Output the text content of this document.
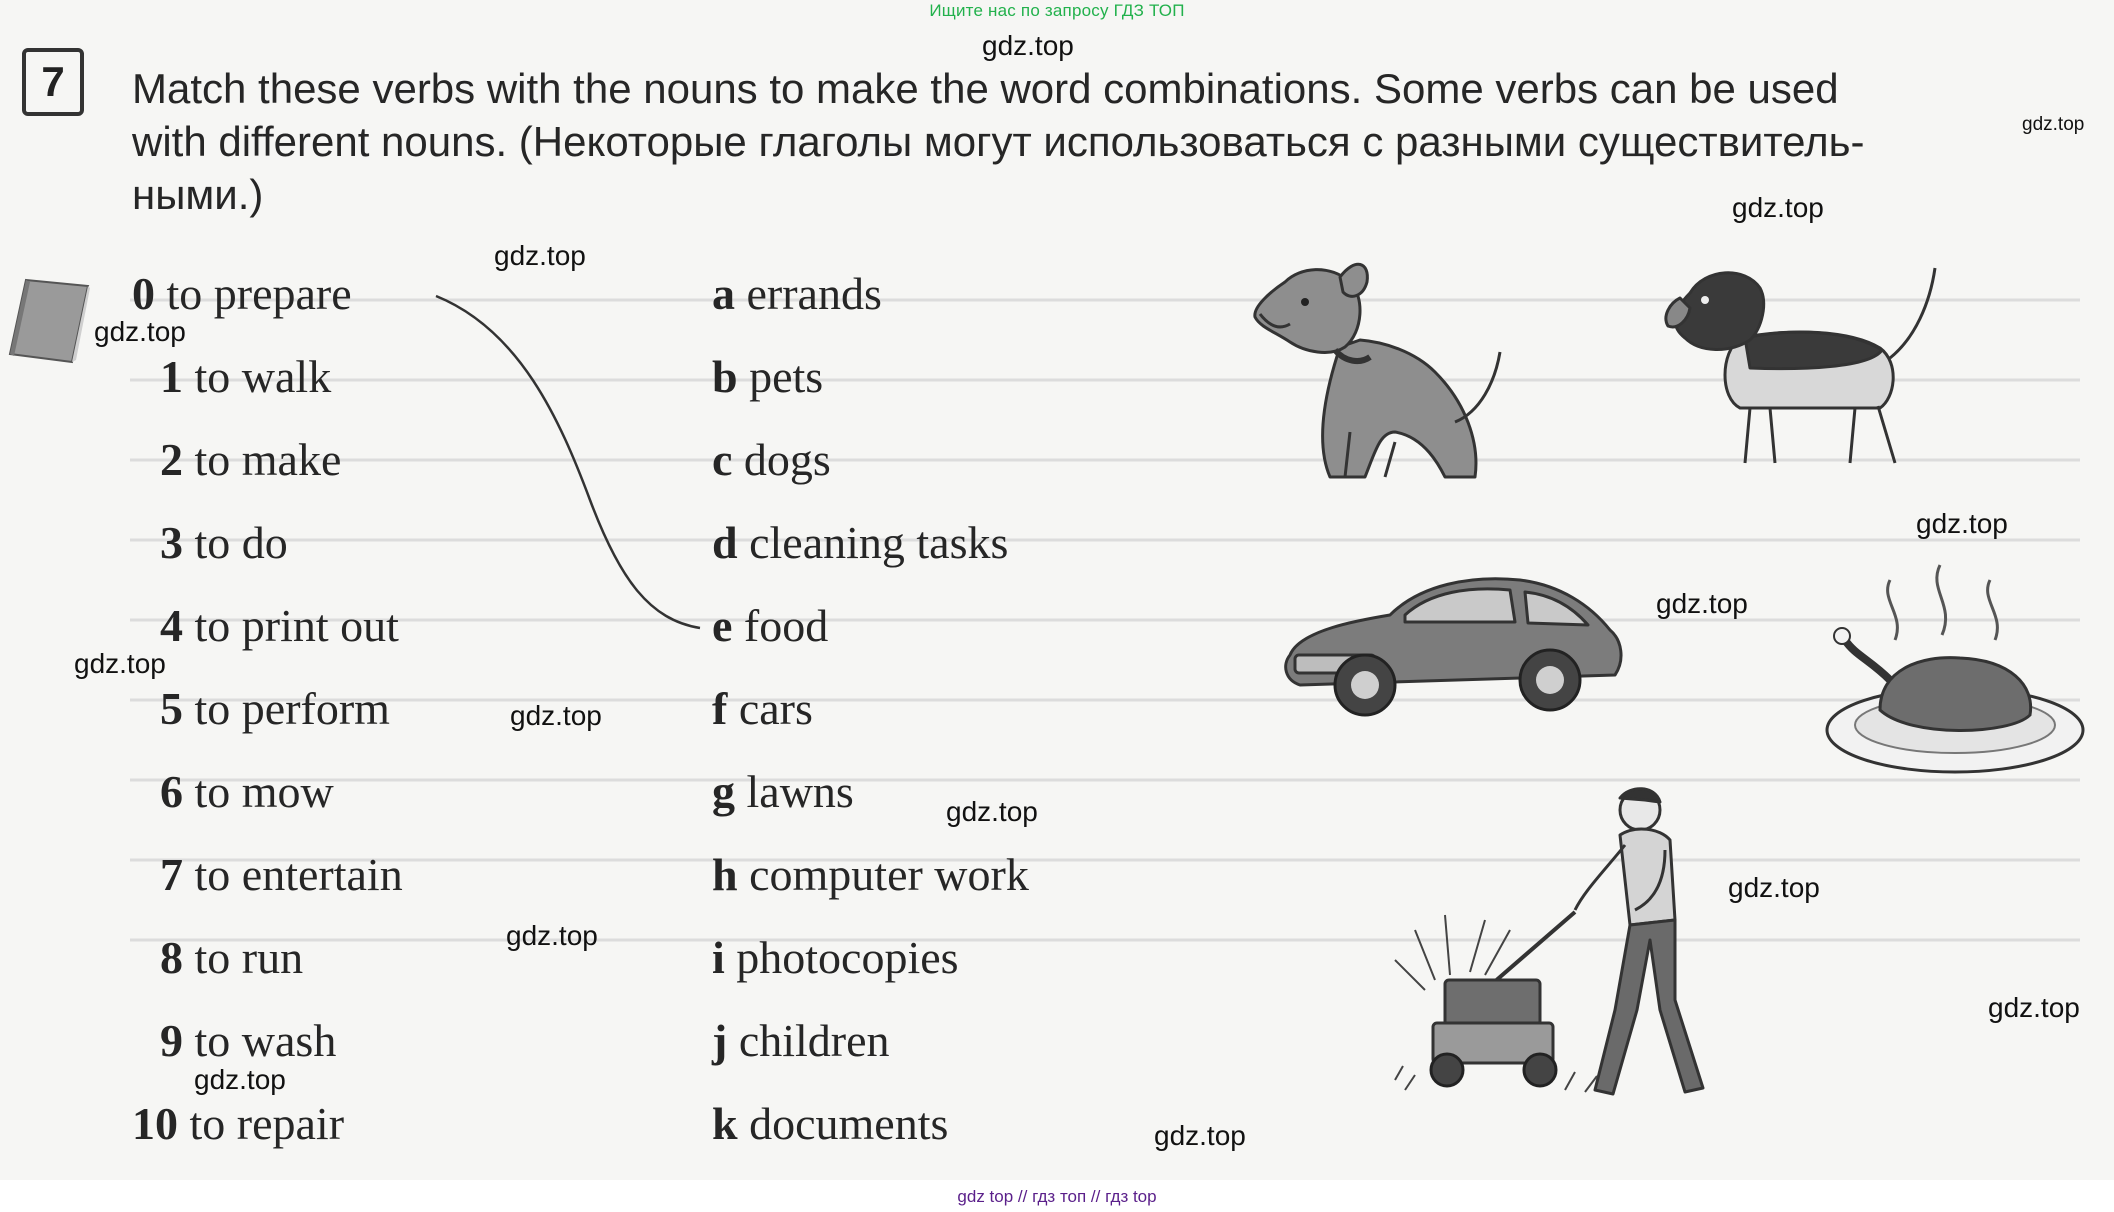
Ищите нас по запросу ГДЗ ТОП
7	Match these verbs with the nouns to make the word combinations. Some verbs can be used
with different nouns. (Некоторые глаголы могут использоваться с разными существитель-
ными.)
0 to prepare
1 to walk
2 to make
3 to do
4 to print out
5 to perform
6 to mow
7 to entertain
8 to run
9 to wash
10 to repair
a errands
b pets
c dogs
d cleaning tasks
e food
f cars
g lawns
h computer work
i photocopies
j children
k documents
gdz.top
gdz.top
gdz.top
gdz.top
gdz.top
gdz.top
gdz.top
gdz.top
gdz.top
gdz.top
gdz.top
gdz.top
gdz.top
gdz.top
gdz.top
gdz top // гдз топ // гдз top
